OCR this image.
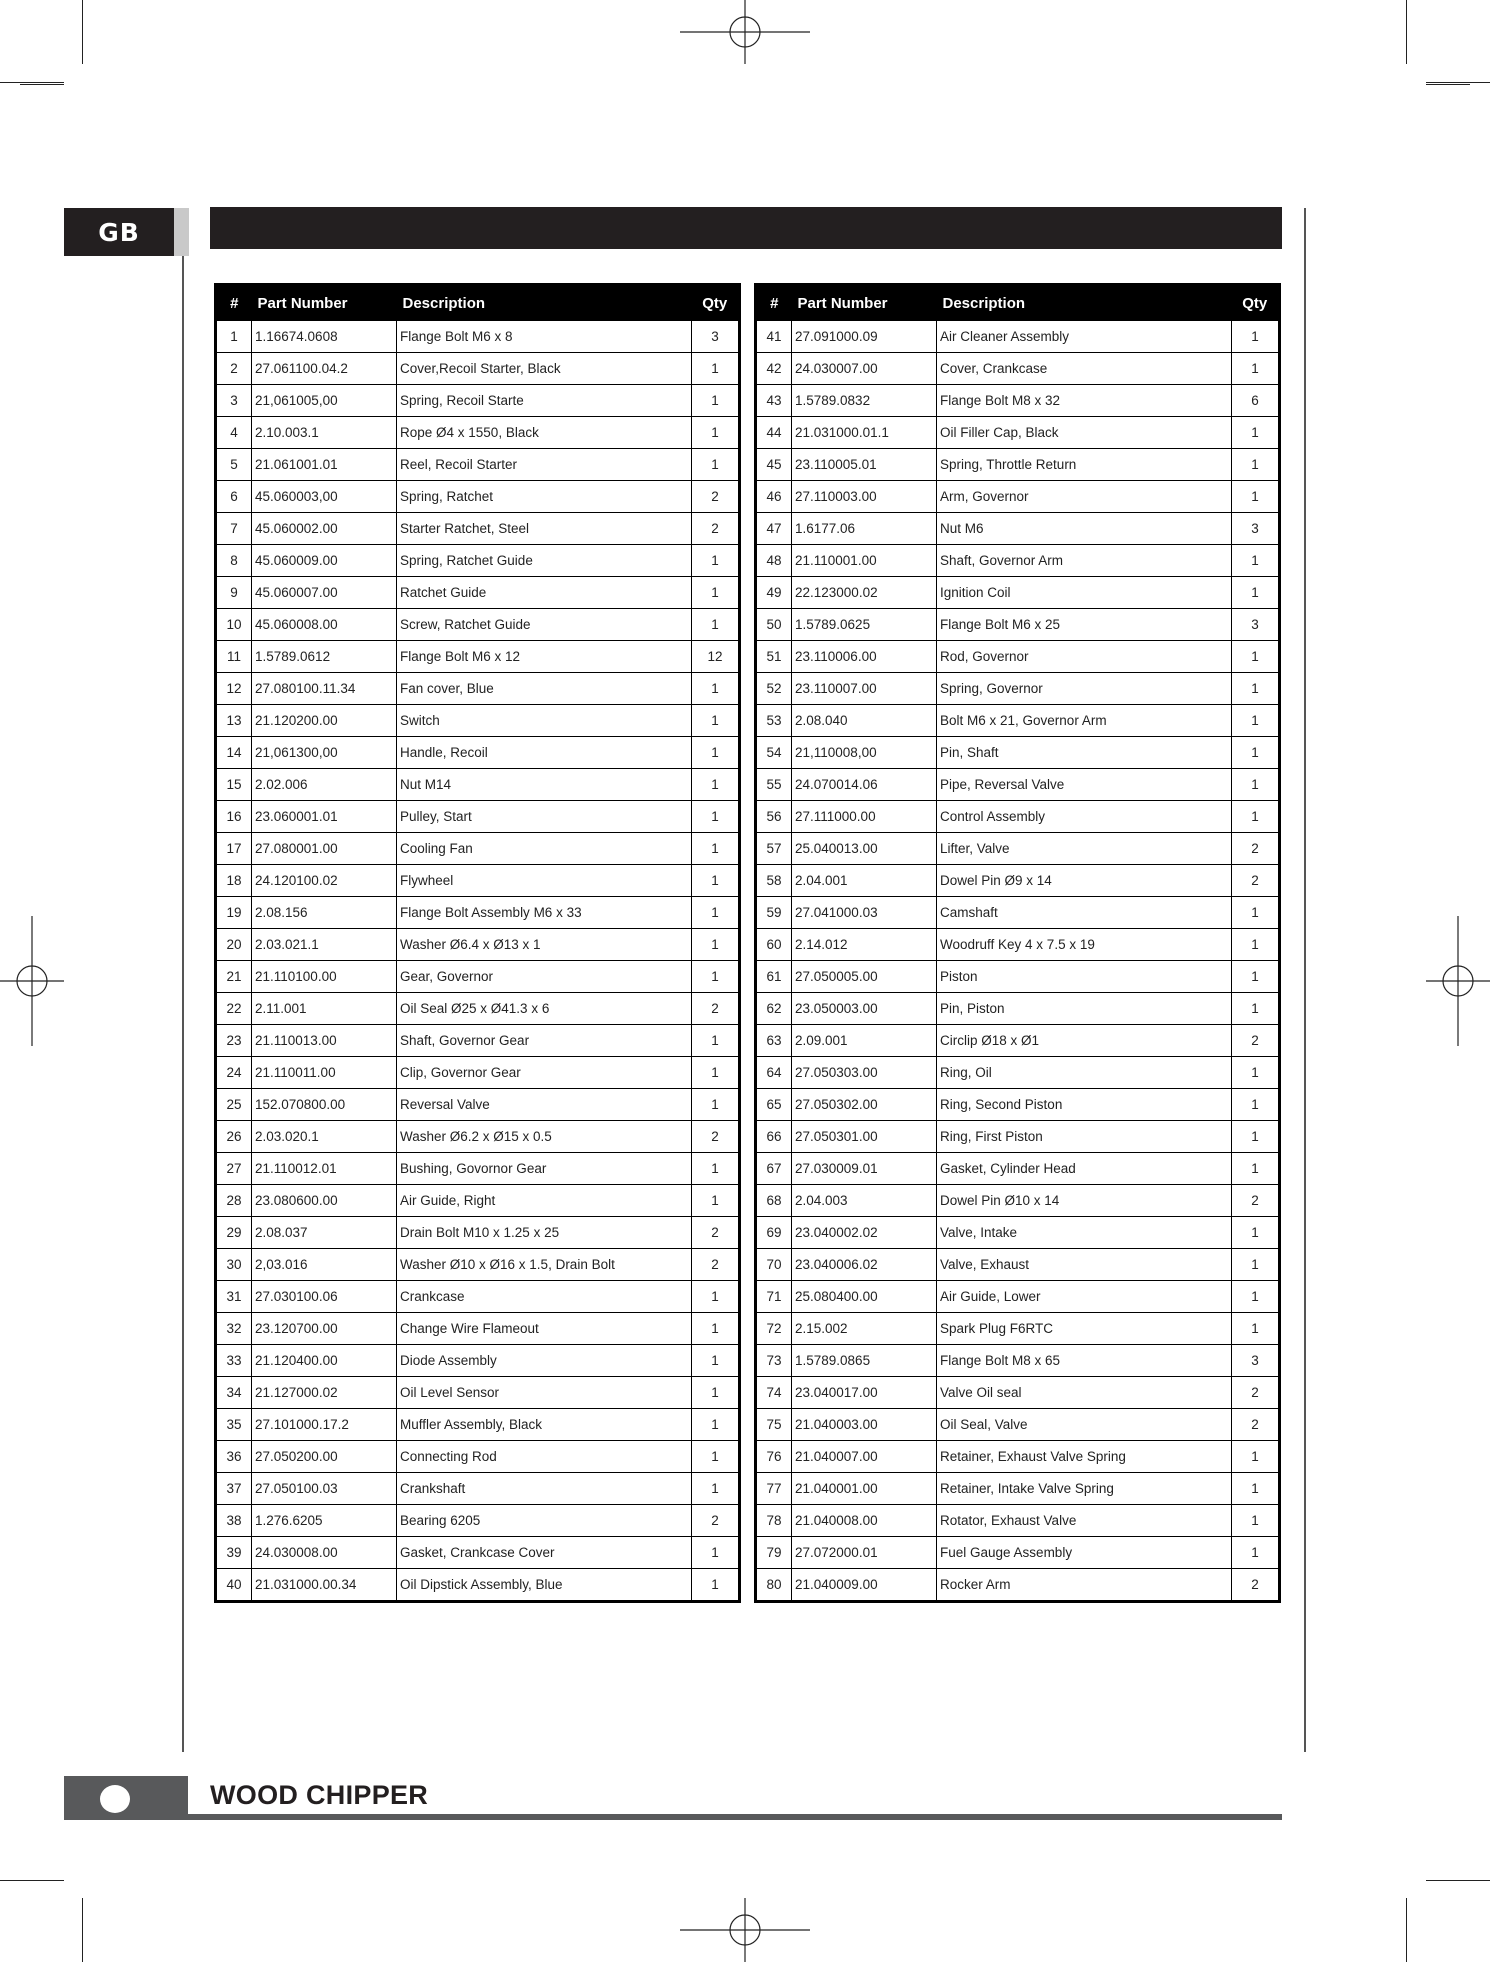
GB
#	Part Number	Description	Qty
1	1.16674.0608	Flange Bolt M6 x 8	3
2	27.061100.04.2	Cover,Recoil Starter, Black	1
3	21,061005,00	Spring, Recoil Starte	1
4	2.10.003.1	Rope Ø4 x 1550, Black	1
5	21.061001.01	Reel, Recoil Starter	1
6	45.060003,00	Spring, Ratchet	2
7	45.060002.00	Starter Ratchet, Steel	2
8	45.060009.00	Spring, Ratchet Guide	1
9	45.060007.00	Ratchet Guide	1
10	45.060008.00	Screw, Ratchet Guide	1
11	1.5789.0612	Flange Bolt M6 x 12	12
12	27.080100.11.34	Fan cover, Blue	1
13	21.120200.00	Switch	1
14	21,061300,00	Handle, Recoil	1
15	2.02.006	Nut M14	1
16	23.060001.01	Pulley, Start	1
17	27.080001.00	Cooling Fan	1
18	24.120100.02	Flywheel	1
19	2.08.156	Flange Bolt Assembly M6 x 33	1
20	2.03.021.1	Washer Ø6.4 x Ø13 x 1	1
21	21.110100.00	Gear, Governor	1
22	2.11.001	Oil Seal Ø25 x Ø41.3 x 6	2
23	21.110013.00	Shaft, Governor Gear	1
24	21.110011.00	Clip, Governor Gear	1
25	152.070800.00	Reversal Valve	1
26	2.03.020.1	Washer Ø6.2 x Ø15 x 0.5	2
27	21.110012.01	Bushing, Govornor Gear	1
28	23.080600.00	Air Guide, Right	1
29	2.08.037	Drain Bolt M10 x 1.25 x 25	2
30	2,03.016	Washer Ø10 x Ø16 x 1.5, Drain Bolt	2
31	27.030100.06	Crankcase	1
32	23.120700.00	Change Wire Flameout	1
33	21.120400.00	Diode Assembly	1
34	21.127000.02	Oil Level Sensor	1
35	27.101000.17.2	Muffler Assembly, Black	1
36	27.050200.00	Connecting Rod	1
37	27.050100.03	Crankshaft	1
38	1.276.6205	Bearing 6205	2
39	24.030008.00	Gasket, Crankcase Cover	1
40	21.031000.00.34	Oil Dipstick Assembly, Blue	1
#	Part Number	Description	Qty
41	27.091000.09	Air Cleaner Assembly	1
42	24.030007.00	Cover, Crankcase	1
43	1.5789.0832	Flange Bolt M8 x 32	6
44	21.031000.01.1	Oil Filler Cap, Black	1
45	23.110005.01	Spring, Throttle Return	1
46	27.110003.00	Arm, Governor	1
47	1.6177.06	Nut M6	3
48	21.110001.00	Shaft, Governor Arm	1
49	22.123000.02	Ignition Coil	1
50	1.5789.0625	Flange Bolt M6 x 25	3
51	23.110006.00	Rod, Governor	1
52	23.110007.00	Spring, Governor	1
53	2.08.040	Bolt M6 x 21, Governor Arm	1
54	21,110008,00	Pin, Shaft	1
55	24.070014.06	Pipe, Reversal Valve	1
56	27.111000.00	Control Assembly	1
57	25.040013.00	Lifter, Valve	2
58	2.04.001	Dowel Pin Ø9 x 14	2
59	27.041000.03	Camshaft	1
60	2.14.012	Woodruff Key 4 x 7.5 x 19	1
61	27.050005.00	Piston	1
62	23.050003.00	Pin, Piston	1
63	2.09.001	Circlip Ø18 x Ø1	2
64	27.050303.00	Ring, Oil	1
65	27.050302.00	Ring, Second Piston	1
66	27.050301.00	Ring, First Piston	1
67	27.030009.01	Gasket, Cylinder Head	1
68	2.04.003	Dowel Pin Ø10 x 14	2
69	23.040002.02	Valve, Intake	1
70	23.040006.02	Valve, Exhaust	1
71	25.080400.00	Air Guide, Lower	1
72	2.15.002	Spark Plug F6RTC	1
73	1.5789.0865	Flange Bolt M8 x 65	3
74	23.040017.00	Valve Oil seal	2
75	21.040003.00	Oil Seal, Valve	2
76	21.040007.00	Retainer, Exhaust Valve Spring	1
77	21.040001.00	Retainer, Intake Valve Spring	1
78	21.040008.00	Rotator, Exhaust Valve	1
79	27.072000.01	Fuel Gauge Assembly	1
80	21.040009.00	Rocker Arm	2
WOOD CHIPPER
